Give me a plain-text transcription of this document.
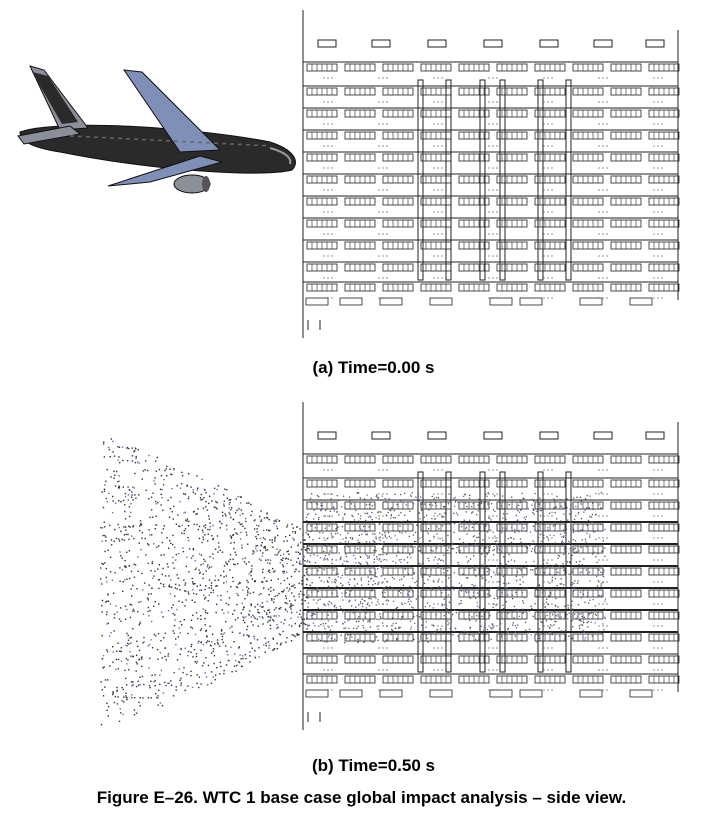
(a) Time=0.00 s
(b) Time=0.50 s
Figure E–26. WTC 1 base case global impact analysis – side view.
